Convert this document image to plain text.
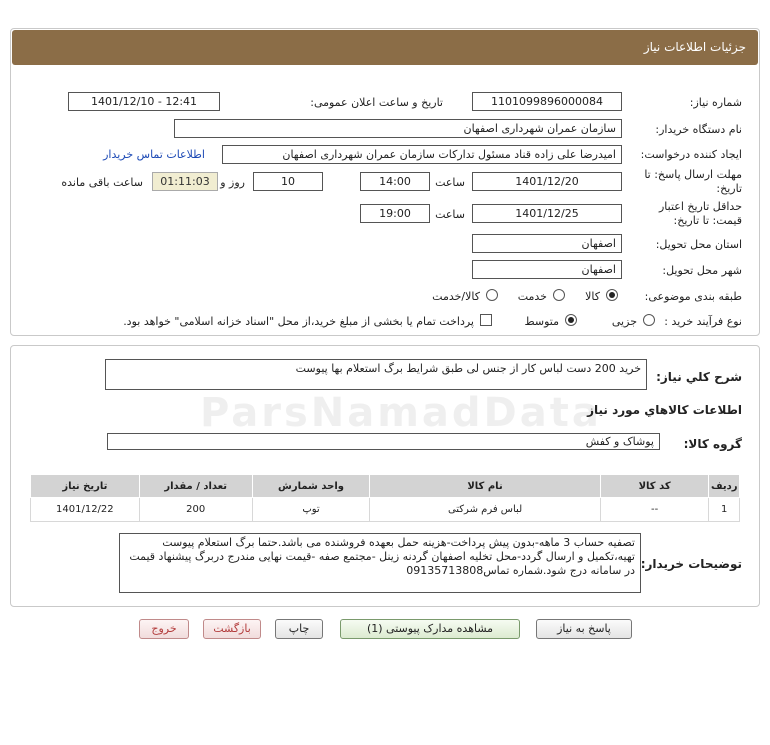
جزئیات اطلاعات نیاز
شماره نیاز:
1101099896000084
تاریخ و ساعت اعلان عمومی:
1401/12/10 - 12:41
نام دستگاه خریدار:
سازمان عمران شهرداری اصفهان
ایجاد کننده درخواست:
امیدرضا علی زاده قناد مسئول تدارکات سازمان عمران شهرداری اصفهان
اطلاعات تماس خریدار
مهلت ارسال پاسخ: تا
تاریخ:
1401/12/20
ساعت
14:00
10
روز و
01:11:03
ساعت باقی مانده
حداقل تاریخ اعتبار
قیمت: تا تاریخ:
1401/12/25
ساعت
19:00
استان محل تحویل:
اصفهان
شهر محل تحویل:
اصفهان
طبقه بندی موضوعی:
کالا
خدمت
کالا/خدمت
نوع فرآیند خرید :
جزیی
متوسط
پرداخت تمام یا بخشی از مبلغ خرید،از محل "اسناد خزانه اسلامی" خواهد بود.
شرح کلي نياز:
خرید 200 دست لباس کار از جنس لی طبق شرایط برگ استعلام بها پیوست
اطلاعات کالاهاي مورد نياز
گروه کالا:
پوشاک و کفش
ردیف	کد کالا	نام کالا	واحد شمارش	تعداد / مقدار	تاریخ نیاز
1	--	لباس فرم شرکتی	توپ	200	1401/12/22
توضیحات خریدار:
تصفیه حساب 3 ماهه-بدون پیش پرداخت-هزینه حمل بعهده فروشنده می باشد.حتما برگ استعلام پیوست تهیه،تکمیل و ارسال گردد-محل تخلیه اصفهان گردنه زینل -مجتمع صفه -قیمت نهایی مندرج دربرگ پیشنهاد قیمت در سامانه درج شود.شماره تماس09135713808
پاسخ به نیاز
مشاهده مدارک پیوستی (1)
چاپ
بازگشت
خروج
